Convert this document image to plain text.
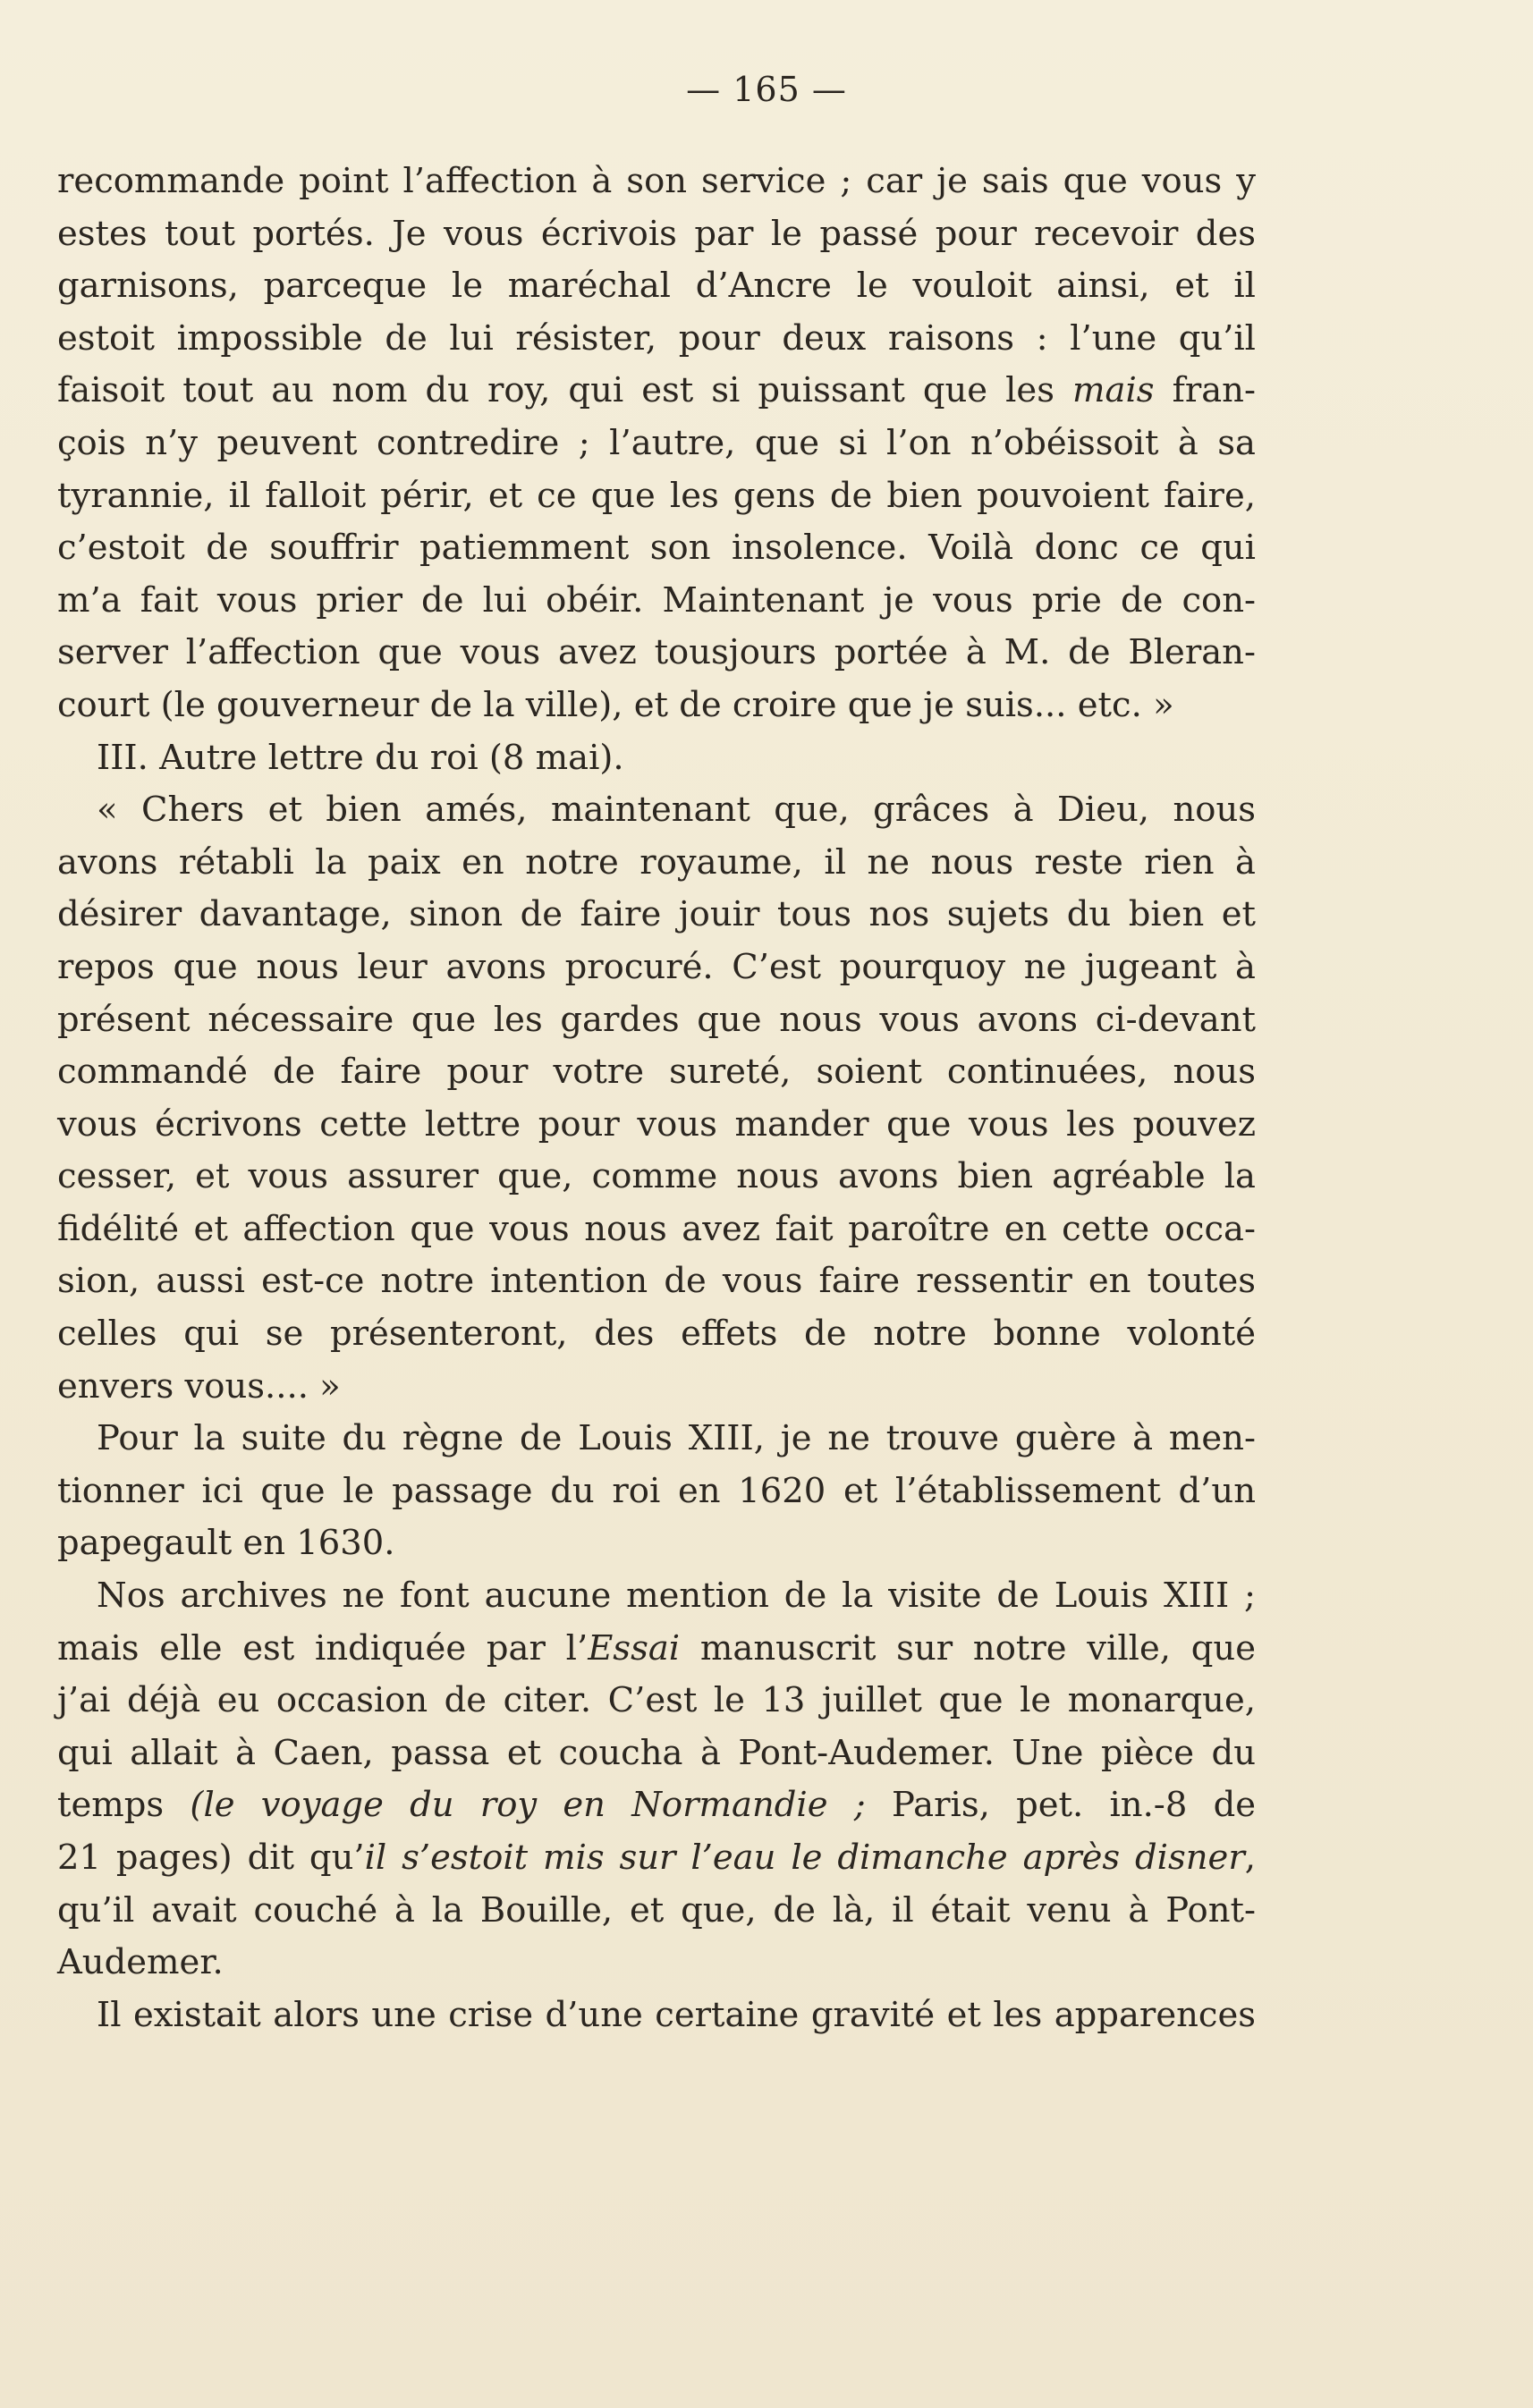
— 165 —
recommande point l’affection à son service ; car je sais que vous y
estes tout portés. Je vous écrivois par le passé pour recevoir des
garnisons, parceque le maréchal d’Ancre le vouloit ainsi, et il
estoit impossible de lui résister, pour deux raisons : l’une qu’il
faisoit tout au nom du roy, qui est si puissant que les mais fran-
çois n’y peuvent contredire ; l’autre, que si l’on n’obéissoit à sa
tyrannie, il falloit périr, et ce que les gens de bien pouvoient faire,
c’estoit de souffrir patiemment son insolence. Voilà donc ce qui
m’a fait vous prier de lui obéir. Maintenant je vous prie de con-
server l’affection que vous avez tousjours portée à M. de Bleran-
court (le gouverneur de la ville), et de croire que je suis... etc. »
III. Autre lettre du roi (8 mai).
« Chers et bien amés, maintenant que, grâces à Dieu, nous
avons rétabli la paix en notre royaume, il ne nous reste rien à
désirer davantage, sinon de faire jouir tous nos sujets du bien et
repos que nous leur avons procuré. C’est pourquoy ne jugeant à
présent nécessaire que les gardes que nous vous avons ci-devant
commandé de faire pour votre sureté, soient continuées, nous
vous écrivons cette lettre pour vous mander que vous les pouvez
cesser, et vous assurer que, comme nous avons bien agréable la
fidélité et affection que vous nous avez fait paroître en cette occa-
sion, aussi est-ce notre intention de vous faire ressentir en toutes
celles qui se présenteront, des effets de notre bonne volonté
envers vous.... »
Pour la suite du règne de Louis XIII, je ne trouve guère à men-
tionner ici que le passage du roi en 1620 et l’établissement d’un
papegault en 1630.
Nos archives ne font aucune mention de la visite de Louis XIII ;
mais elle est indiquée par l’Essai manuscrit sur notre ville, que
j’ai déjà eu occasion de citer. C’est le 13 juillet que le monarque,
qui allait à Caen, passa et coucha à Pont-Audemer. Une pièce du
temps (le voyage du roy en Normandie ; Paris, pet. in.-8 de
21 pages) dit qu’il s’estoit mis sur l’eau le dimanche après disner,
qu’il avait couché à la Bouille, et que, de là, il était venu à Pont-
Audemer.
Il existait alors une crise d’une certaine gravité et les apparences
